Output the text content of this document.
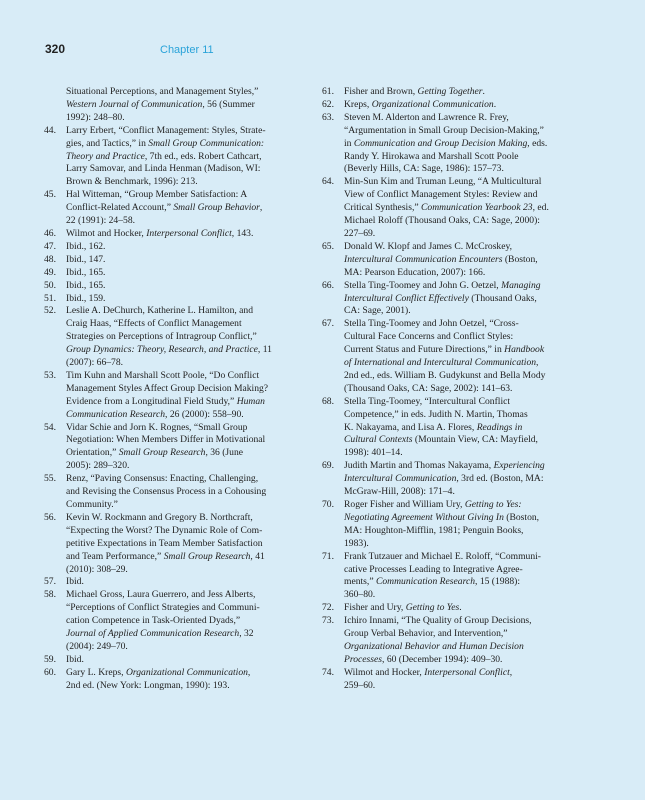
320	Chapter 11
Situational Perceptions, and Management Styles,”
Western Journal of Communication, 56 (Summer
1992): 248–80.
44.	Larry Erbert, “Conflict Management: Styles, Strate-
gies, and Tactics,” in Small Group Communication:
Theory and Practice, 7th ed., eds. Robert Cathcart,
Larry Samovar, and Linda Henman (Madison, WI:
Brown & Benchmark, 1996): 213.
45.	Hal Witteman, “Group Member Satisfaction: A
Conflict-Related Account,” Small Group Behavior,
22 (1991): 24–58.
46.	Wilmot and Hocker, Interpersonal Conflict, 143.
47.	Ibid., 162.
48.	Ibid., 147.
49.	Ibid., 165.
50.	Ibid., 165.
51.	Ibid., 159.
52.	Leslie A. DeChurch, Katherine L. Hamilton, and
Craig Haas, “Effects of Conflict Management
Strategies on Perceptions of Intragroup Conflict,”
Group Dynamics: Theory, Research, and Practice, 11
(2007): 66–78.
53.	Tim Kuhn and Marshall Scott Poole, “Do Conflict
Management Styles Affect Group Decision Making?
Evidence from a Longitudinal Field Study,” Human
Communication Research, 26 (2000): 558–90.
54.	Vidar Schie and Jorn K. Rognes, “Small Group
Negotiation: When Members Differ in Motivational
Orientation,” Small Group Research, 36 (June
2005): 289–320.
55.	Renz, “Paving Consensus: Enacting, Challenging,
and Revising the Consensus Process in a Cohousing
Community.”
56.	Kevin W. Rockmann and Gregory B. Northcraft,
“Expecting the Worst? The Dynamic Role of Com-
petitive Expectations in Team Member Satisfaction
and Team Performance,” Small Group Research, 41
(2010): 308–29.
57.	Ibid.
58.	Michael Gross, Laura Guerrero, and Jess Alberts,
“Perceptions of Conflict Strategies and Communi-
cation Competence in Task-Oriented Dyads,”
Journal of Applied Communication Research, 32
(2004): 249–70.
59.	Ibid.
60.	Gary L. Kreps, Organizational Communication,
2nd ed. (New York: Longman, 1990): 193.
61.	Fisher and Brown, Getting Together.
62.	Kreps, Organizational Communication.
63.	Steven M. Alderton and Lawrence R. Frey,
“Argumentation in Small Group Decision-Making,”
in Communication and Group Decision Making, eds.
Randy Y. Hirokawa and Marshall Scott Poole
(Beverly Hills, CA: Sage, 1986): 157–73.
64.	Min-Sun Kim and Truman Leung, “A Multicultural
View of Conflict Management Styles: Review and
Critical Synthesis,” Communication Yearbook 23, ed.
Michael Roloff (Thousand Oaks, CA: Sage, 2000):
227–69.
65.	Donald W. Klopf and James C. McCroskey,
Intercultural Communication Encounters (Boston,
MA: Pearson Education, 2007): 166.
66.	Stella Ting-Toomey and John G. Oetzel, Managing
Intercultural Conflict Effectively (Thousand Oaks,
CA: Sage, 2001).
67.	Stella Ting-Toomey and John Oetzel, “Cross-
Cultural Face Concerns and Conflict Styles:
Current Status and Future Directions,” in Handbook
of International and Intercultural Communication,
2nd ed., eds. William B. Gudykunst and Bella Mody
(Thousand Oaks, CA: Sage, 2002): 141–63.
68.	Stella Ting-Toomey, “Intercultural Conflict
Competence,” in eds. Judith N. Martin, Thomas
K. Nakayama, and Lisa A. Flores, Readings in
Cultural Contexts (Mountain View, CA: Mayfield,
1998): 401–14.
69.	Judith Martin and Thomas Nakayama, Experiencing
Intercultural Communication, 3rd ed. (Boston, MA:
McGraw-Hill, 2008): 171–4.
70.	Roger Fisher and William Ury, Getting to Yes:
Negotiating Agreement Without Giving In (Boston,
MA: Houghton-Mifflin, 1981; Penguin Books,
1983).
71.	Frank Tutzauer and Michael E. Roloff, “Communi-
cative Processes Leading to Integrative Agree-
ments,” Communication Research, 15 (1988):
360–80.
72.	Fisher and Ury, Getting to Yes.
73.	Ichiro Innami, “The Quality of Group Decisions,
Group Verbal Behavior, and Intervention,”
Organizational Behavior and Human Decision
Processes, 60 (December 1994): 409–30.
74.	Wilmot and Hocker, Interpersonal Conflict,
259–60.
